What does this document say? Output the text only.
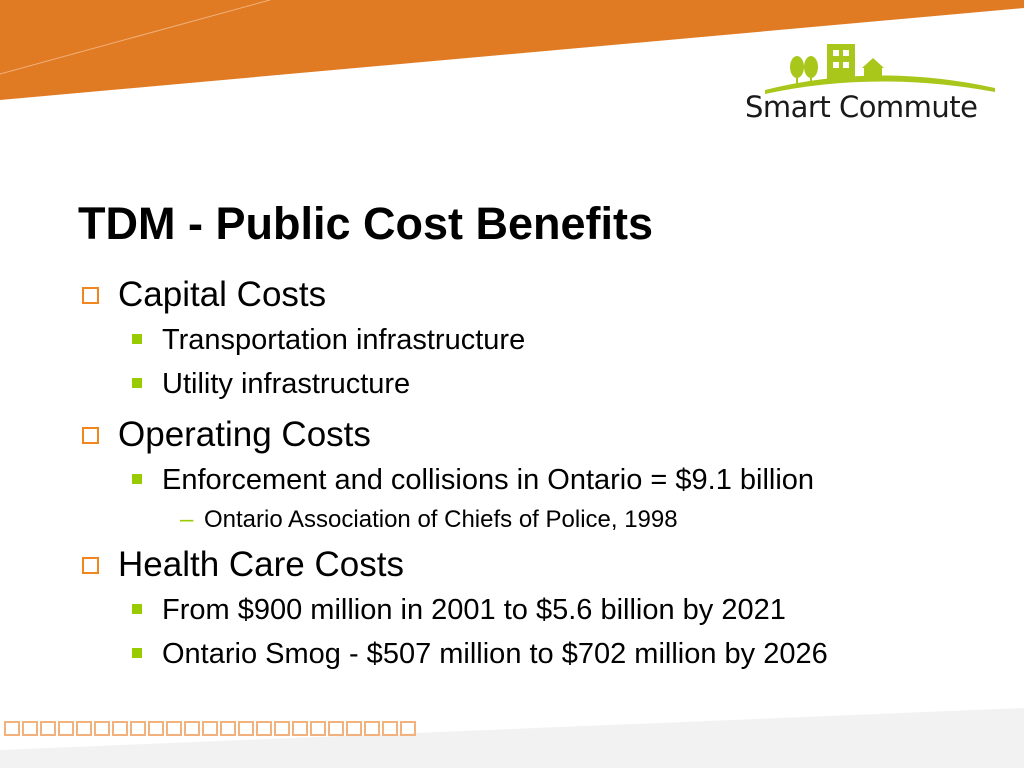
Smart Commute
TDM - Public Cost Benefits
Capital Costs
Transportation infrastructure
Utility infrastructure
Operating Costs
Enforcement and collisions in Ontario = $9.1 billion
– Ontario Association of Chiefs of Police, 1998
Health Care Costs
From $900 million in 2001 to $5.6 billion by 2021
Ontario Smog - $507 million to $702 million by 2026
